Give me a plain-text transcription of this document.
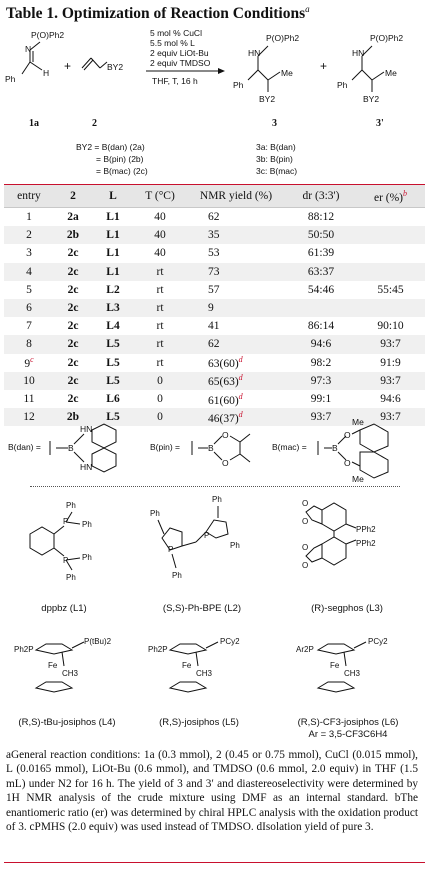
Table 1. Optimization of Reaction Conditions$^a$
P(O)Ph2
N
Ph
H
1a
+	BY2
2
5 mol % CuCl
5.5 mol % L
2 equiv LiOt-Bu
2 equiv TMDSO
THF, T, 16 h
HN
P(O)Ph2
Me
Ph
BY2
3
+
HN
P(O)Ph2
Me
Ph
BY2
3'
BY2 = B(dan) (2a)
= B(pin) (2b)
= B(mac) (2c)
3a: B(dan)
3b: B(pin)
3c: B(mac)
entry	2	L	T (°C)	NMR yield (%)	dr (3:3')	er (%)$^b$
1	2a	L1	40	62	88:12	
2	2b	L1	40	35	50:50	
3	2c	L1	40	53	61:39	
4	2c	L1	rt	73	63:37	
5	2c	L2	rt	57	54:46	55:45
6	2c	L3	rt	9		
7	2c	L4	rt	41	86:14	90:10
8	2c	L5	rt	62	94:6	93:7
9$^c$	2c	L5	rt	63(60)$^d$	98:2	91:9
10	2c	L5	0	65(63)$^d$	97:3	93:7
11	2c	L6	0	61(60)$^d$	99:1	94:6
12	2b	L5	0	46(37)$^d$	93:7	93:7
B(dan) =	B
HN
HN
B(pin) =	B
O
O
B(mac) =	B
O
O
Me
Me
P
P
Ph
Ph
Ph
Ph
P
P
Ph
Ph
Ph
Ph
PPh2
PPh2
O
O
O
O
Ph2P
P(tBu)2
Fe
CH3
Ph2P
PCy2
Fe
CH3
Ar2P
PCy2
Fe
CH3
dppbz (L1)	(S,S)-Ph-BPE (L2)	(R)-segphos (L3)
(R,S)-tBu-josiphos (L4)	(R,S)-josiphos (L5)	(R,S)-CF3-josiphos (L6)
Ar = 3,5-CF3C6H4
aGeneral reaction conditions: 1a (0.3 mmol), 2 (0.45 or 0.75 mmol), CuCl (0.015 mmol), L (0.0165 mmol), LiOt-Bu (0.6 mmol), and TMDSO (0.6 mmol, 2.0 equiv) in THF (1.5 mL) under N2 for 16 h. The yield of 3 and 3′ and diastereoselectivity were determined by 1H NMR analysis of the crude mixture using DMF as an internal standard. bThe enantiomeric ratio (er) was determined by chiral HPLC analysis with the oxidation product of 3. cPMHS (2.0 equiv) was used instead of TMDSO. dIsolation yield of pure 3.
